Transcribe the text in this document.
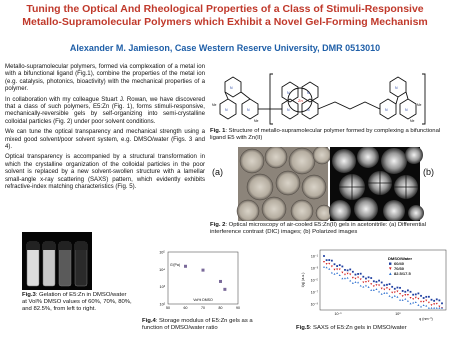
Tuning the Optical And Rheological Properties of a Class of Stimuli-Responsive
Metallo-Supramolecular Polymers which Exhibit a Novel Gel-Forming Mechanism
Alexander M. Jamieson, Case Western Reserve University, DMR 0513010

Metallo-supramolecular polymers, formed via complexation of a metal ion with a bifunctional ligand (Fig.1), combine the properties of the metal ion (e.g. catalysis, photonics, bioactivity) with the mechanical properties of a polymer.

In collaboration with my colleague Stuart J. Rowan, we have discovered that a class of such polymers, E5:Zn (Fig. 1), forms stimuli-responsive, mechanically-reversible gels by self-organizing into semi-crystalline colloidal particles (Fig. 2) under poor solvent conditions.

We can tune the optical transparency and mechanical strength using a mixed good solvent/poor solvent system, e.g. DMSO/water (Figs. 3 and 4).

Optical transparency is accompanied by a structural transformation in which the crystalline organization of the colloidal particles in the poor solvent is replaced by a new solvent-swollen structure with a lamellar small-angle x-ray scattering (SAXS) pattern, which evidently exhibits refractive-index matching characteristics (Fig. 5).

Zn
N
N	N
N	N
N	N	N	N
N
Me
Me	Me
Me
Fig. 1: Structure of metallo-supramolecular polymer formed by complexing a bifunctional ligand E5 with Zn(II)
(a)	(b)
Fig. 2: Optical microscopy of air-cooled E5:Zn(II) gels in acetonitrile: (a) Differential interference contrast (DIC) images; (b) Polarized images
Fig.3: Gelation of E5:Zn in DMSO/water at Vol% DMSO values of 60%, 70%, 80%, and 82.5%, from left to right.	50	60	70	80	90
10⁵
10⁴
10³
10²
Vol% DMSO
G'(Pa)
Fig.4: Storage modulus of E5:Zn gels as a function of DMSO/water ratio
10⁻¹
10⁻³
10⁻⁵
10⁻⁷
10⁻⁹
10⁻¹	10⁰
q (nm⁻¹)
I(q) (a.u.)
DMSO/Water
60/40
70/30
82.5/17.5
Fig.5: SAXS of E5:Zn gels in DMSO/water
